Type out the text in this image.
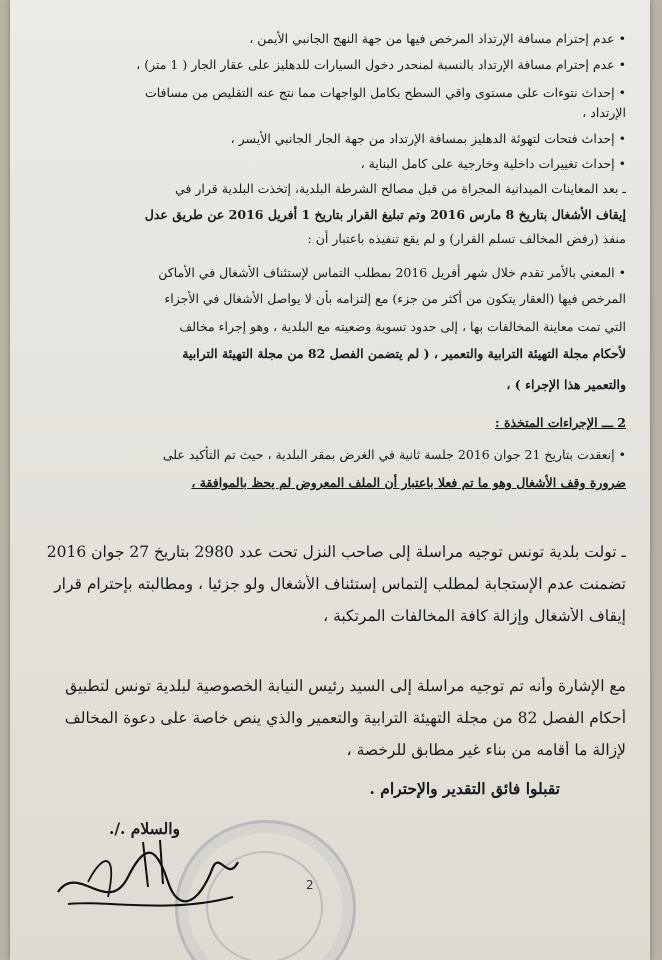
• عدم إحترام مسافة الإرتداد المرخص فيها من جهة النهج الجانبي الأيمن ،
• عدم إحترام مسافة الإرتداد بالنسبة لمنحدر دخول السيارات للدهليز على عقار الجار ( 1 متر) ،
• إحداث نتوءات على مستوى واقي السطح بكامل الواجهات مما نتج عنه التقليص من مسافات
الإرتداد ،
• إحداث فتحات لتهوئة الدهليز بمسافة الإرتداد من جهة الجار الجانبي الأيسر ،
• إحداث تغييرات داخلية وخارجية على كامل البناية ،
ـ بعد المعاينات الميدانية المجراة من قبل مصالح الشرطة البلدية، إتخذت البلدية قرار في
إيقاف الأشغال بتاريخ 8 مارس 2016 وتم تبليغ القرار بتاريخ 1 أفريل 2016 عن طريق عدل
منفذ (رفض المخالف تسلم القرار) و لم يقع تنفيذه باعتبار أن :
• المعني بالأمر تقدم خلال شهر أفريل 2016 بمطلب التماس لإستئناف الأشغال في الأماكن
المرخص فيها (العقار يتكون من أكثر من جزء) مع إلتزامه بأن لا يواصل الأشغال في الأجزاء
التي تمت معاينة المخالفات بها ، إلى حدود تسوية وضعيته مع البلدية ، وهو إجراء مخالف
لأحكام مجلة التهيئة الترابية والتعمير ، ( لم يتضمن الفصل 82 من مجلة التهيئة الترابية
والتعمير هذا الإجراء ) ،
2 ـــ الإجراءات المتخذة :
• إنعقدت بتاريخ 21 جوان 2016 جلسة ثانية في الغرض بمقر البلدية ، حيث تم التأكيد على
ضرورة وقف الأشغال وهو ما تم فعلا باعتبار أن الملف المعروض لم يحظ بالموافقة ،
ـ تولت بلدية تونس توجيه مراسلة إلى صاحب النزل تحت عدد 2980 بتاريخ 27 جوان 2016
تضمنت عدم الإستجابة لمطلب إلتماس إستئناف الأشغال ولو جزئيا ، ومطالبته بإحترام قرار
إيقاف الأشغال وإزالة كافة المخالفات المرتكبة ،
مع الإشارة وأنه تم توجيه مراسلة إلى السيد رئيس النيابة الخصوصية لبلدية تونس لتطبيق
أحكام الفصل 82 من مجلة التهيئة الترابية والتعمير والذي ينص خاصة على دعوة المخالف
لإزالة ما أقامه من بناء غير مطابق للرخصة ،
تقبلوا فائق التقدير والإحترام .
والسلام ./.
2
